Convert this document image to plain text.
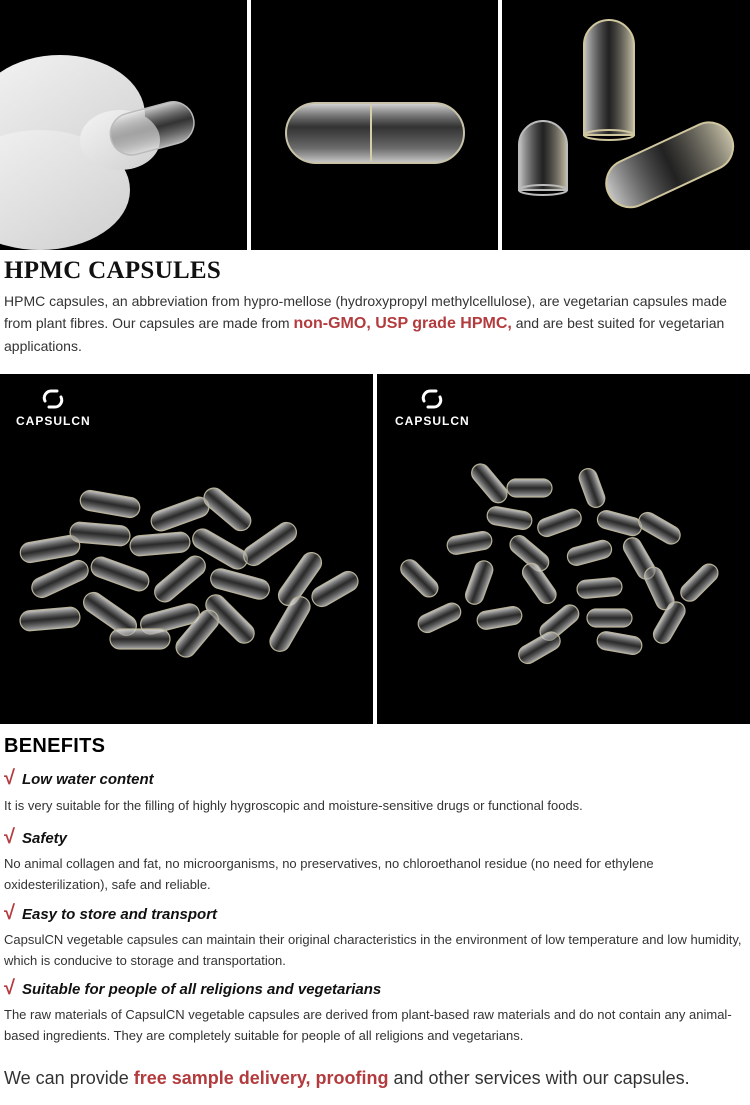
HPMC CAPSULES

HPMC capsules, an abbreviation from hypro-mellose (hydroxypropyl methylcellulose), are vegetarian capsules made from plant fibres. Our capsules are made from non-GMO, USP grade HPMC, and are best suited for vegetarian applications.

CAPSULCN	CAPSULCN
BENEFITS

√ Low water content

It is very suitable for the filling of highly hygroscopic and moisture-sensitive drugs or functional foods.

√ Safety

No animal collagen and fat, no microorganisms, no preservatives, no chloroethanol residue (no need for ethylene oxidesterilization), safe and reliable.

√ Easy to store and transport

CapsulCN vegetable capsules can maintain their original characteristics in the environment of low temperature and low humidity, which is conducive to storage and transportation.

√ Suitable for people of all religions and vegetarians

The raw materials of CapsulCN vegetable capsules are derived from plant-based raw materials and do not contain any animal-based ingredients. They are completely suitable for people of all religions and vegetarians.

We can provide free sample delivery, proofing and other services with our capsules.
